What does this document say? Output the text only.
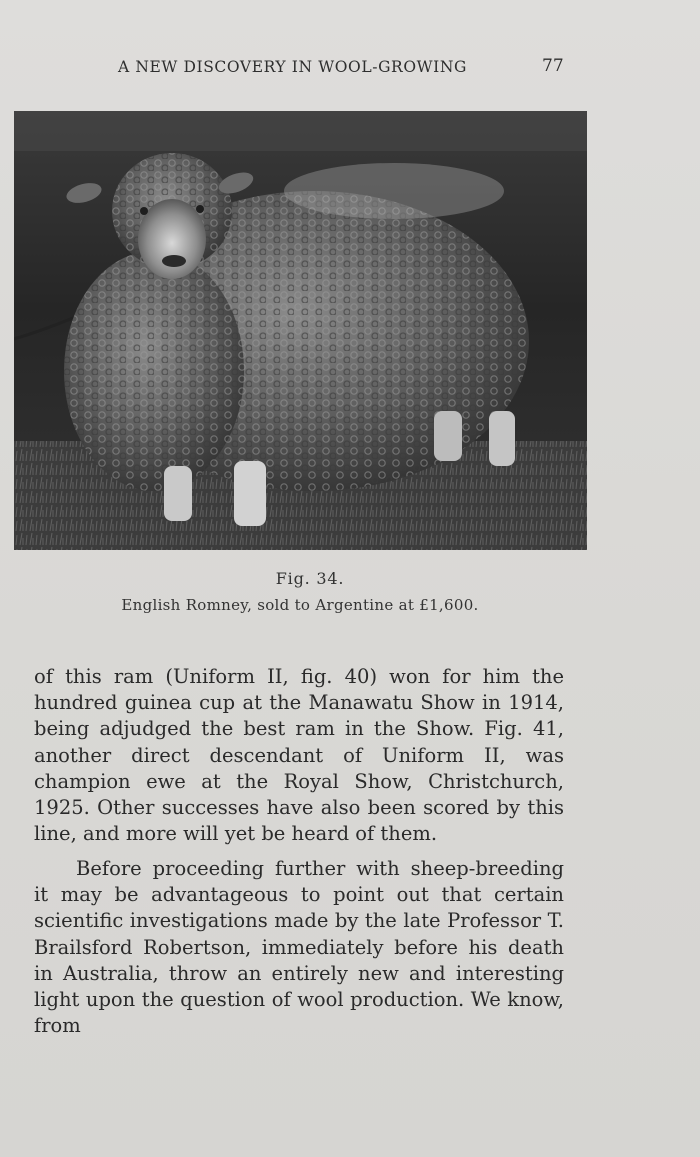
A NEW DISCOVERY IN WOOL-GROWING	77
Fig. 34.
English Romney, sold to Argentine at £1,600.

of this ram (Uniform II, fig. 40) won for him the hundred guinea cup at the Manawatu Show in 1914, being adjudged the best ram in the Show. Fig. 41, another direct descendant of Uniform II, was champion ewe at the Royal Show, Christchurch, 1925. Other successes have also been scored by this line, and more will yet be heard of them.

Before proceeding further with sheep-breeding it may be advantageous to point out that certain scientific investigations made by the late Professor T. Brailsford Robertson, immediately before his death in Australia, throw an entirely new and interesting light upon the question of wool production. We know, from
